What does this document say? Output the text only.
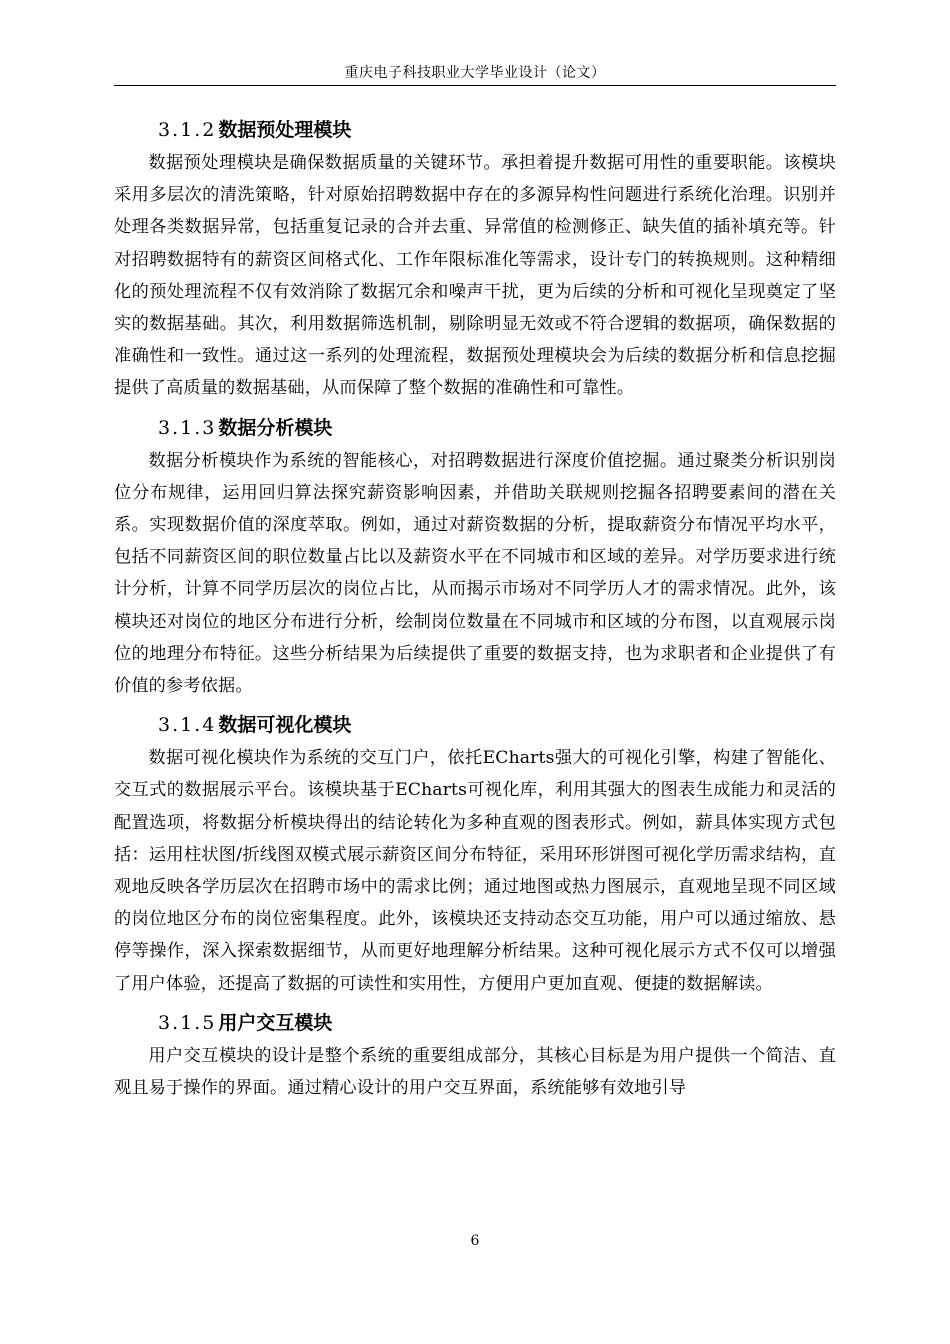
重庆电子科技职业大学毕业设计（论文）
3.1.2 数据预处理模块

数据预处理模块是确保数据质量的关键环节。承担着提升数据可用性的重要职能。该模块采用多层次的清洗策略，针对原始招聘数据中存在的多源异构性问题进行系统化治理。识别并处理各类数据异常，包括重复记录的合并去重、异常值的检测修正、缺失值的插补填充等。针对招聘数据特有的薪资区间格式化、工作年限标准化等需求，设计专门的转换规则。这种精细化的预处理流程不仅有效消除了数据冗余和噪声干扰，更为后续的分析和可视化呈现奠定了坚实的数据基础。其次，利用数据筛选机制，剔除明显无效或不符合逻辑的数据项，确保数据的准确性和一致性。通过这一系列的处理流程，数据预处理模块会为后续的数据分析和信息挖掘提供了高质量的数据基础，从而保障了整个数据的准确性和可靠性。

3.1.3 数据分析模块

数据分析模块作为系统的智能核心，对招聘数据进行深度价值挖掘。通过聚类分析识别岗位分布规律，运用回归算法探究薪资影响因素，并借助关联规则挖掘各招聘要素间的潜在关系。实现数据价值的深度萃取。例如，通过对薪资数据的分析，提取薪资分布情况平均水平，包括不同薪资区间的职位数量占比以及薪资水平在不同城市和区域的差异。对学历要求进行统计分析，计算不同学历层次的岗位占比，从而揭示市场对不同学历人才的需求情况。此外，该模块还对岗位的地区分布进行分析，绘制岗位数量在不同城市和区域的分布图，以直观展示岗位的地理分布特征。这些分析结果为后续提供了重要的数据支持，也为求职者和企业提供了有价值的参考依据。

3.1.4 数据可视化模块

数据可视化模块作为系统的交互门户，依托ECharts强大的可视化引擎，构建了智能化、交互式的数据展示平台。该模块基于ECharts可视化库，利用其强大的图表生成能力和灵活的配置选项，将数据分析模块得出的结论转化为多种直观的图表形式。例如，薪具体实现方式包括：运用柱状图/折线图双模式展示薪资区间分布特征，采用环形饼图可视化学历需求结构，直观地反映各学历层次在招聘市场中的需求比例；通过地图或热力图展示，直观地呈现不同区域的岗位地区分布的岗位密集程度。此外，该模块还支持动态交互功能，用户可以通过缩放、悬停等操作，深入探索数据细节，从而更好地理解分析结果。这种可视化展示方式不仅可以增强了用户体验，还提高了数据的可读性和实用性，方便用户更加直观、便捷的数据解读。

3.1.5 用户交互模块

用户交互模块的设计是整个系统的重要组成部分，其核心目标是为用户提供一个简洁、直观且易于操作的界面。通过精心设计的用户交互界面，系统能够有效地引导

6
